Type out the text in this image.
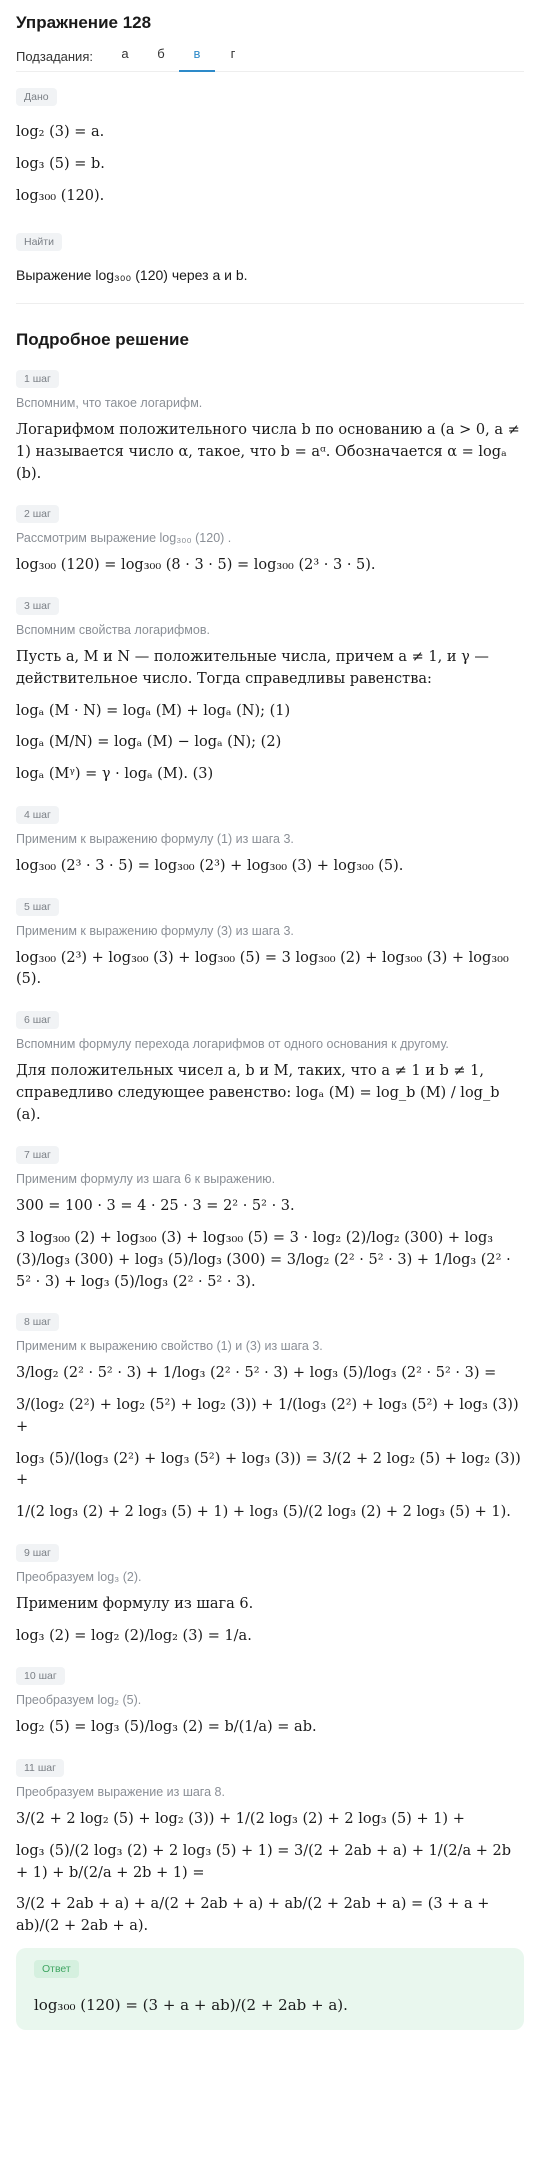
Упражнение 128
Подзадания:	а	б	в	г
Дано
log₂ (3) = a.
log₃ (5) = b.
log₃₀₀ (120).
Найти
Выражение log₃₀₀ (120) через a и b.
Подробное решение
1 шаг
Вспомним, что такое логарифм.
Логарифмом положительного числа b по основанию a (a > 0, a ≠ 1) называется число α, такое, что b = aᵅ. Обозначается α = logₐ (b).
2 шаг
Рассмотрим выражение log₃₀₀ (120) .
log₃₀₀ (120) = log₃₀₀ (8 · 3 · 5) = log₃₀₀ (2³ · 3 · 5).
3 шаг
Вспомним свойства логарифмов.
Пусть a, M и N — положительные числа, причем a ≠ 1, и γ — действительное число. Тогда справедливы равенства:
logₐ (M · N) = logₐ (M) + logₐ (N); (1)
logₐ (M/N) = logₐ (M) − logₐ (N); (2)
logₐ (Mᵞ) = γ · logₐ (M). (3)
4 шаг
Применим к выражению формулу (1) из шага 3.
log₃₀₀ (2³ · 3 · 5) = log₃₀₀ (2³) + log₃₀₀ (3) + log₃₀₀ (5).
5 шаг
Применим к выражению формулу (3) из шага 3.
log₃₀₀ (2³) + log₃₀₀ (3) + log₃₀₀ (5) = 3 log₃₀₀ (2) + log₃₀₀ (3) + log₃₀₀ (5).
6 шаг
Вспомним формулу перехода логарифмов от одного основания к другому.
Для положительных чисел a, b и M, таких, что a ≠ 1 и b ≠ 1, справедливо следующее равенство: logₐ (M) = log_b (M) / log_b (a).
7 шаг
Применим формулу из шага 6 к выражению.
300 = 100 · 3 = 4 · 25 · 3 = 2² · 5² · 3.
3 log₃₀₀ (2) + log₃₀₀ (3) + log₃₀₀ (5) = 3 · log₂ (2)/log₂ (300) + log₃ (3)/log₃ (300) + log₃ (5)/log₃ (300) = 3/log₂ (2² · 5² · 3) + 1/log₃ (2² · 5² · 3) + log₃ (5)/log₃ (2² · 5² · 3).
8 шаг
Применим к выражению свойство (1) и (3) из шага 3.
3/log₂ (2² · 5² · 3) + 1/log₃ (2² · 5² · 3) + log₃ (5)/log₃ (2² · 5² · 3) =
3/(log₂ (2²) + log₂ (5²) + log₂ (3)) + 1/(log₃ (2²) + log₃ (5²) + log₃ (3)) +
log₃ (5)/(log₃ (2²) + log₃ (5²) + log₃ (3)) = 3/(2 + 2 log₂ (5) + log₂ (3)) +
1/(2 log₃ (2) + 2 log₃ (5) + 1) + log₃ (5)/(2 log₃ (2) + 2 log₃ (5) + 1).
9 шаг
Преобразуем log₃ (2).
Применим формулу из шага 6.
log₃ (2) = log₂ (2)/log₂ (3) = 1/a.
10 шаг
Преобразуем log₂ (5).
log₂ (5) = log₃ (5)/log₃ (2) = b/(1/a) = ab.
11 шаг
Преобразуем выражение из шага 8.
3/(2 + 2 log₂ (5) + log₂ (3)) + 1/(2 log₃ (2) + 2 log₃ (5) + 1) +
log₃ (5)/(2 log₃ (2) + 2 log₃ (5) + 1) = 3/(2 + 2ab + a) + 1/(2/a + 2b + 1) + b/(2/a + 2b + 1) =
3/(2 + 2ab + a) + a/(2 + 2ab + a) + ab/(2 + 2ab + a) = (3 + a + ab)/(2 + 2ab + a).
Ответ
log₃₀₀ (120) = (3 + a + ab)/(2 + 2ab + a).
